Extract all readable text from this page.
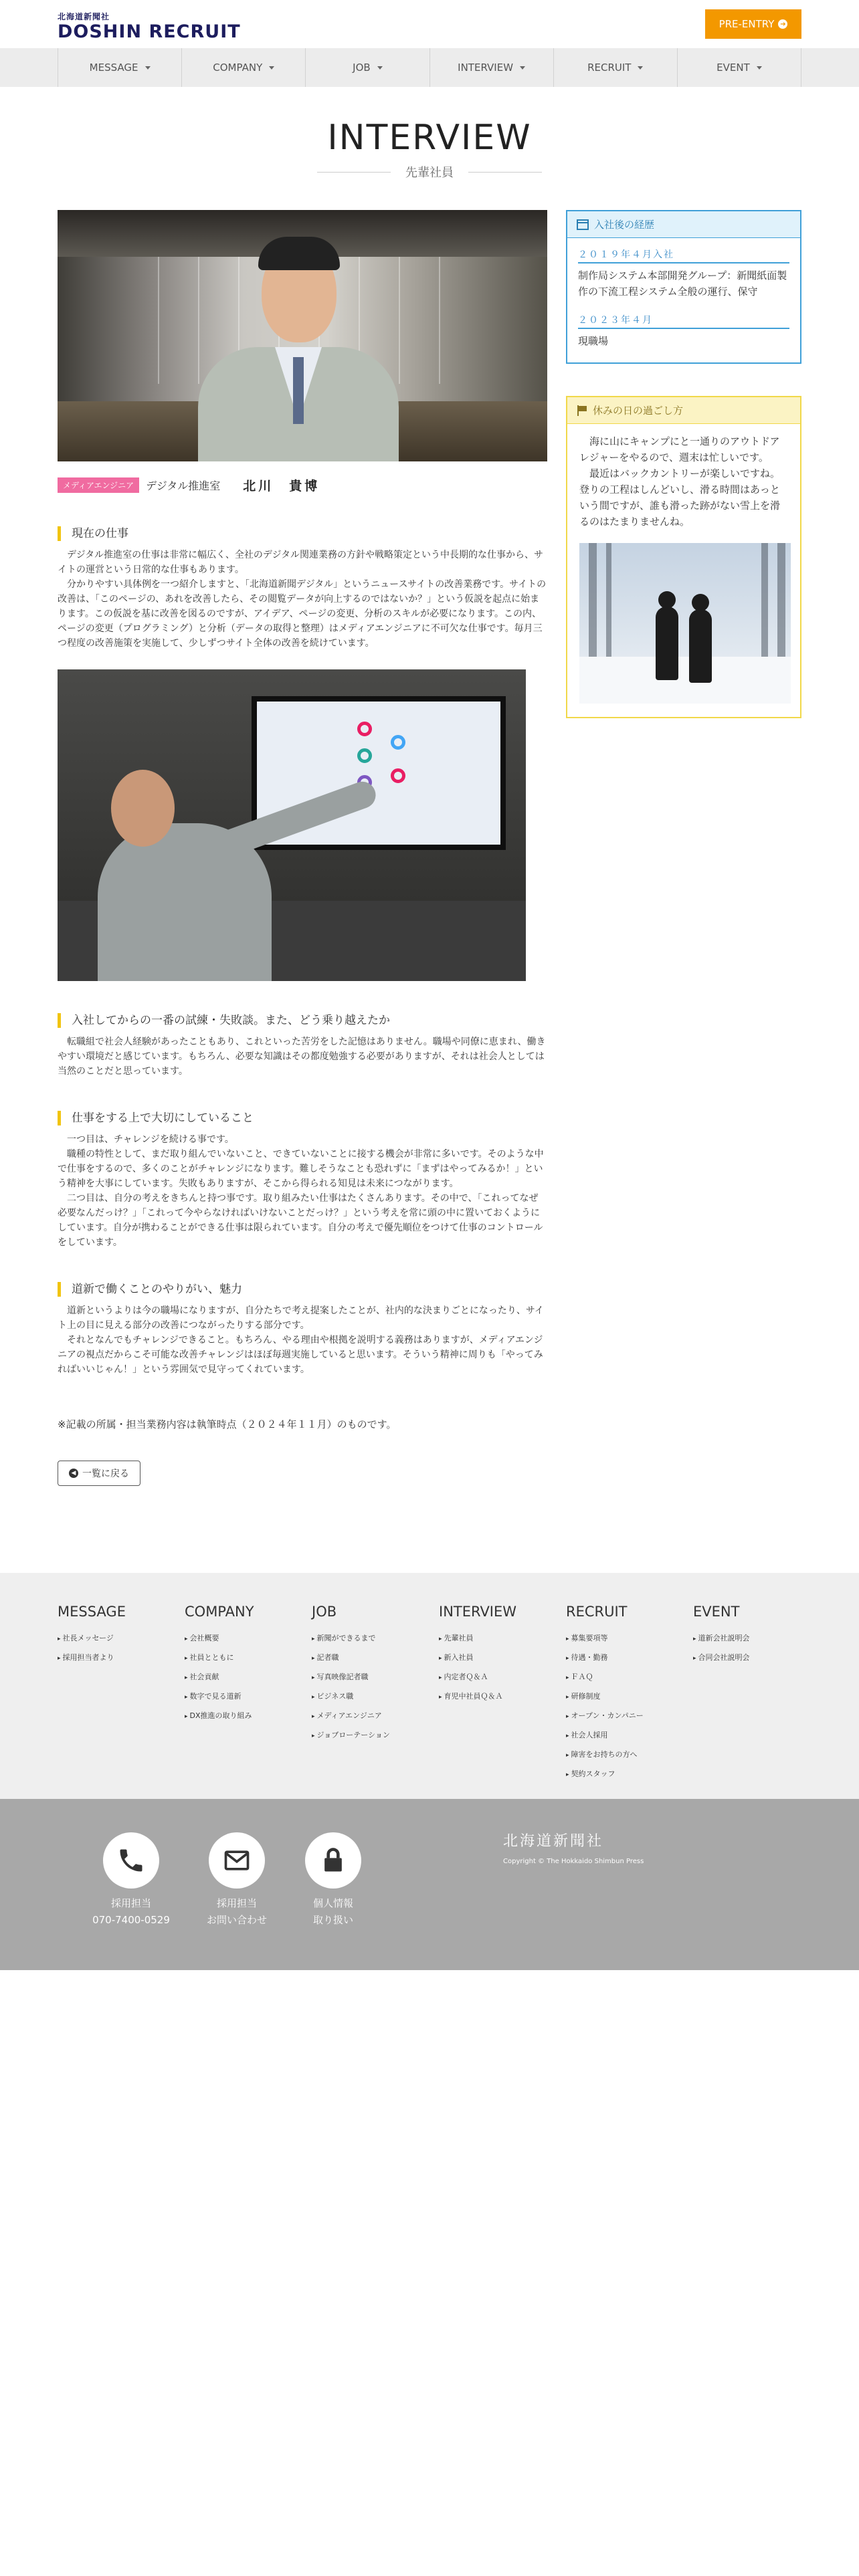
北海道新聞社
DOSHIN RECRUIT	PRE-ENTRY ➔
MESSAGE	COMPANY	JOB	INTERVIEW	RECRUIT	EVENT
INTERVIEW
先輩社員
メディアエンジニア	デジタル推進室 北川　貴博
現在の仕事

　デジタル推進室の仕事は非常に幅広く、全社のデジタル関連業務の方針や戦略策定という中長期的な仕事から、サイトの運営という日常的な仕事もあります。
　分かりやすい具体例を一つ紹介しますと、「北海道新聞デジタル」というニュースサイトの改善業務です。サイトの改善は、「このページの、あれを改善したら、その閲覧データが向上するのではないか？」という仮説を起点に始まります。この仮説を基に改善を図るのですが、アイデア、ページの変更、分析のスキルが必要になります。この内、ページの変更（プログラミング）と分析（データの取得と整理）はメディアエンジニアに不可欠な仕事です。毎月三つ程度の改善施策を実施して、少しずつサイト全体の改善を続けています。

入社してからの一番の試練・失敗談。また、どう乗り越えたか

　転職組で社会人経験があったこともあり、これといった苦労をした記憶はありません。職場や同僚に恵まれ、働きやすい環境だと感じています。もちろん、必要な知識はその都度勉強する必要がありますが、それは社会人としては当然のことだと思っています。

仕事をする上で大切にしていること

　一つ目は、チャレンジを続ける事です。
　職種の特性として、まだ取り組んでいないこと、できていないことに接する機会が非常に多いです。そのような中で仕事をするので、多くのことがチャレンジになります。難しそうなことも恐れずに「まずはやってみるか！」という精神を大事にしています。失敗もありますが、そこから得られる知見は未来につながります。
　二つ目は、自分の考えをきちんと持つ事です。取り組みたい仕事はたくさんあります。その中で、「これってなぜ必要なんだっけ？」「これって今やらなければいけないことだっけ？」という考えを常に頭の中に置いておくようにしています。自分が携わることができる仕事は限られています。自分の考えで優先順位をつけて仕事のコントロールをしています。

道新で働くことのやりがい、魅力

　道新というよりは今の職場になりますが、自分たちで考え提案したことが、社内的な決まりごとになったり、サイト上の目に見える部分の改善につながったりする部分です。
　それとなんでもチャレンジできること。もちろん、やる理由や根拠を説明する義務はありますが、メディアエンジニアの視点だからこそ可能な改善チャレンジはほぼ毎週実施していると思います。そういう精神に周りも「やってみればいいじゃん！」という雰囲気で見守ってくれています。

※記載の所属・担当業務内容は執筆時点（２０２４年１１月）のものです。

◀ 一覧に戻る
入社後の経歴
２０１９年４月入社
制作局システム本部開発グループ：新聞紙面製作の下流工程システム全般の運行、保守
２０２３年４月
現職場
休みの日の過ごし方

　海に山にキャンプにと一通りのアウトドアレジャーをやるので、週末は忙しいです。
　最近はバックカントリーが楽しいですね。登りの工程はしんどいし、滑る時間はあっという間ですが、誰も滑った跡がない雪上を滑るのはたまりませんね。

MESSAGE
▸ 社長メッセージ
▸ 採用担当者より
COMPANY
▸ 会社概要
▸ 社員とともに
▸ 社会貢献
▸ 数字で見る道新
▸ DX推進の取り組み
JOB
▸ 新聞ができるまで
▸ 記者職
▸ 写真映像記者職
▸ ビジネス職
▸ メディアエンジニア
▸ ジョブローテーション
INTERVIEW
▸ 先輩社員
▸ 新入社員
▸ 内定者Ｑ＆Ａ
▸ 育児中社員Ｑ＆Ａ
RECRUIT
▸ 募集要項等
▸ 待遇・勤務
▸ ＦＡＱ
▸ 研修制度
▸ オープン・カンパニー
▸ 社会人採用
▸ 障害をお持ちの方へ
▸ 契約スタッフ
EVENT
▸ 道新会社説明会
▸ 合同会社説明会
採用担当
070-7400-0529
採用担当
お問い合わせ
個人情報
取り扱い
北海道新聞社
Copyright © The Hokkaido Shimbun Press
